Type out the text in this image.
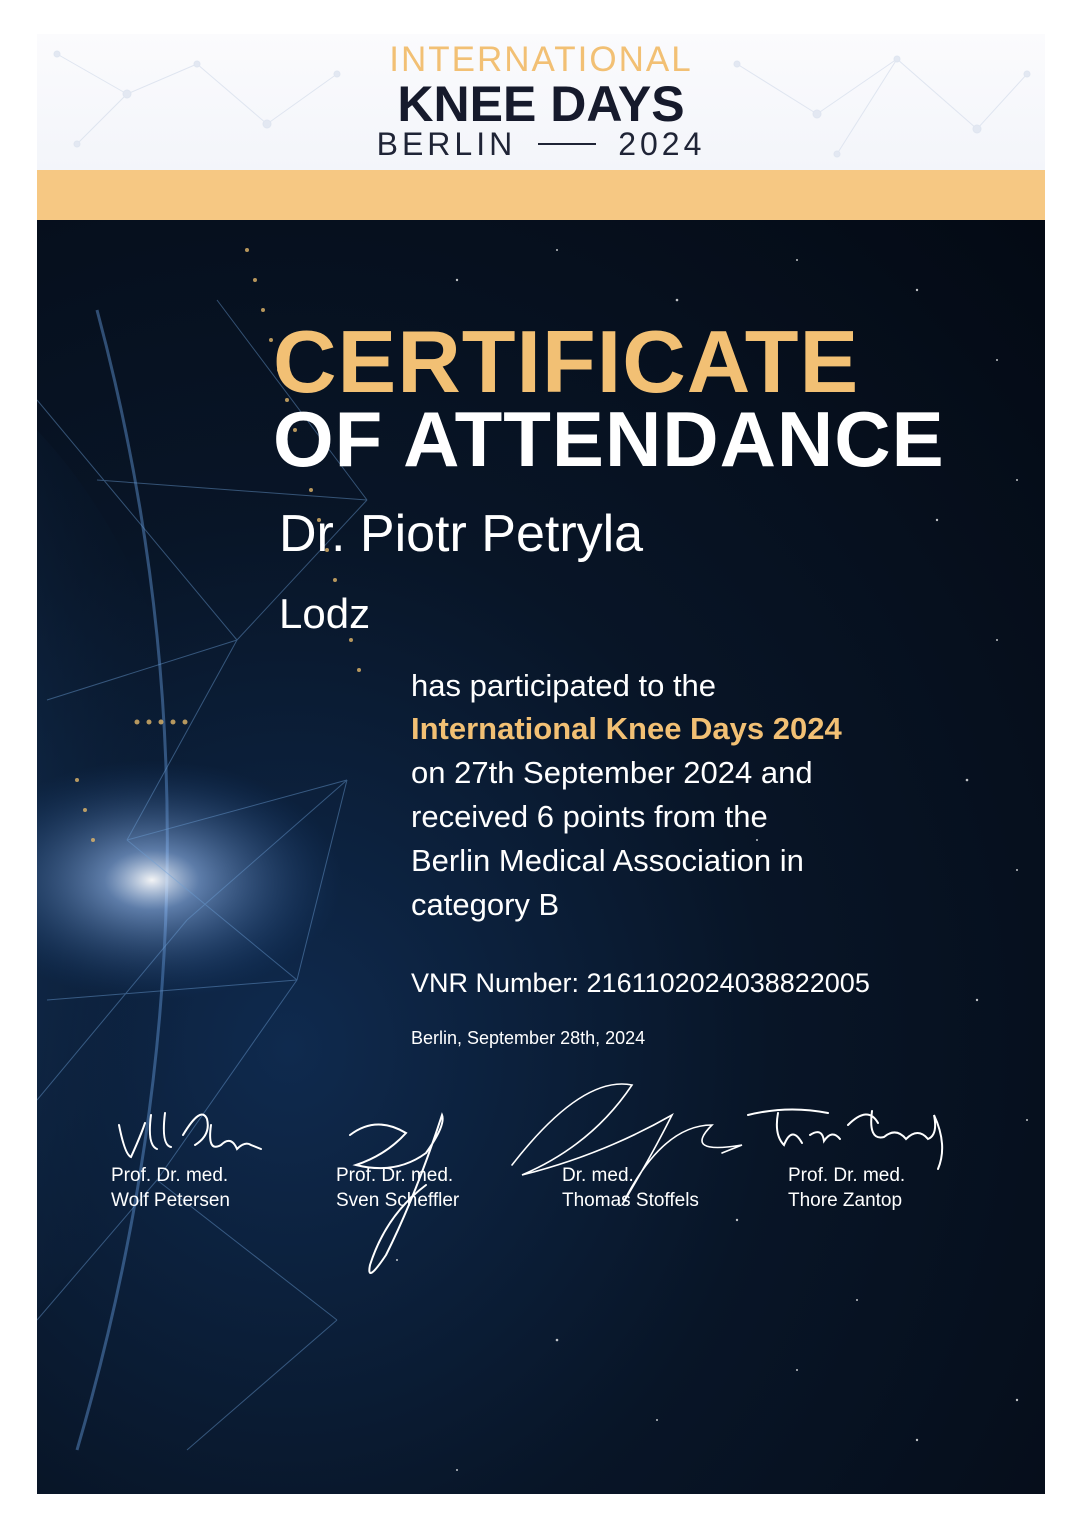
INTERNATIONAL
KNEE DAYS
BERLIN	2024
CERTIFICATE
OF ATTENDANCE
Dr. Piotr Petryla
Lodz
has participated to the
International Knee Days 2024
on 27th September 2024 and
received 6 points from the
Berlin Medical Association in
category B
VNR Number: 2161102024038822005
Berlin, September 28th, 2024
Prof. Dr. med.
Wolf Petersen
Prof. Dr. med.
Sven Scheffler
Dr. med.
Thomas Stoffels
Prof. Dr. med.
Thore Zantop
